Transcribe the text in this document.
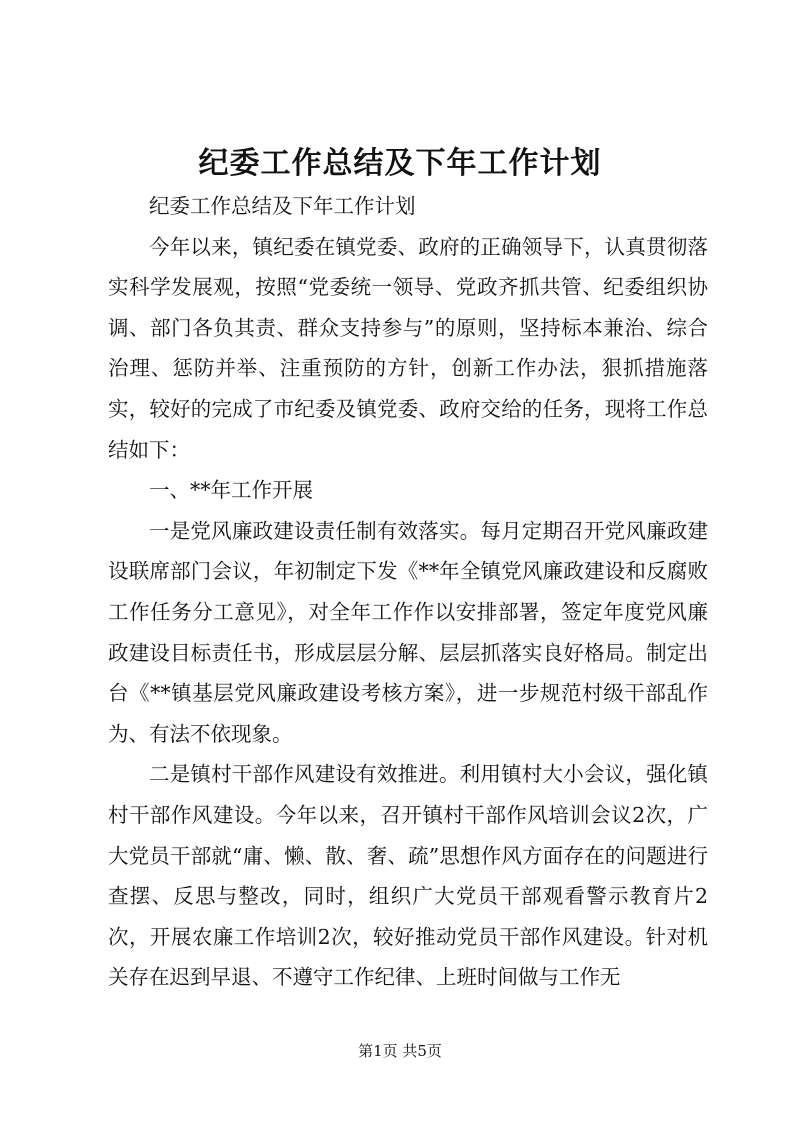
纪委工作总结及下年工作计划

纪委工作总结及下年工作计划

今年以来，镇纪委在镇党委、政府的正确领导下，认真贯彻落实科学发展观，按照“党委统一领导、党政齐抓共管、纪委组织协调、部门各负其责、群众支持参与”的原则，坚持标本兼治、综合治理、惩防并举、注重预防的方针，创新工作办法，狠抓措施落实，较好的完成了市纪委及镇党委、政府交给的任务，现将工作总结如下：

一、**年工作开展

一是党风廉政建设责任制有效落实。每月定期召开党风廉政建设联席部门会议，年初制定下发《**年全镇党风廉政建设和反腐败工作任务分工意见》，对全年工作作以安排部署，签定年度党风廉政建设目标责任书，形成层层分解、层层抓落实良好格局。制定出台《**镇基层党风廉政建设考核方案》，进一步规范村级干部乱作为、有法不依现象。

二是镇村干部作风建设有效推进。利用镇村大小会议，强化镇村干部作风建设。今年以来，召开镇村干部作风培训会议2次，广大党员干部就“庸、懒、散、奢、疏”思想作风方面存在的问题进行查摆、反思与整改，同时，组织广大党员干部观看警示教育片2次，开展农廉工作培训2次，较好推动党员干部作风建设。针对机关存在迟到早退、不遵守工作纪律、上班时间做与工作无

第1页 共5页
